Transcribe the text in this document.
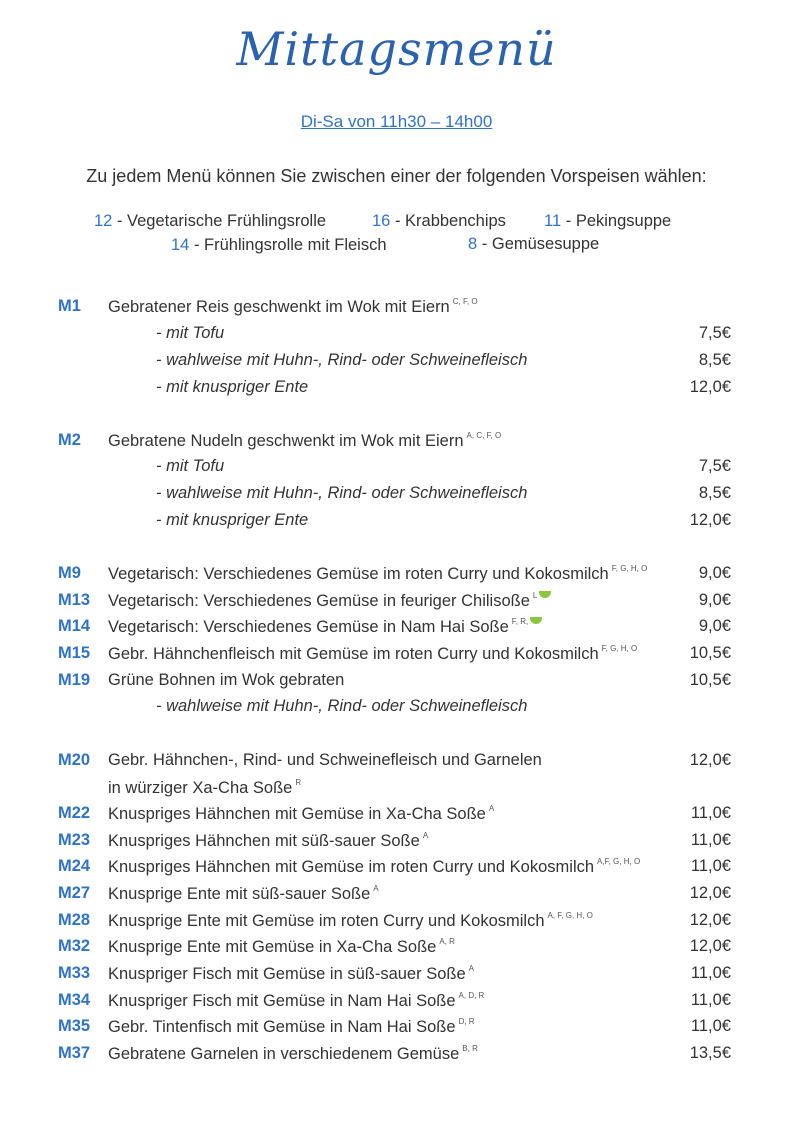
Mittagsmenü
Di-Sa von 11h30 – 14h00
Zu jedem Menü können Sie zwischen einer der folgenden Vorspeisen wählen:
12 - Vegetarische Frühlingsrolle	16 - Krabbenchips 11 - Pekingsuppe
14 - Frühlingsrolle mit Fleisch	8 - Gemüsesuppe
M1 Gebratener Reis geschwenkt im Wok mit Eiern $^{C, F, O}$
- mit Tofu	7,5€
- wahlweise mit Huhn-, Rind- oder Schweinefleisch	8,5€
- mit knuspriger Ente	12,0€
M2 Gebratene Nudeln geschwenkt im Wok mit Eiern $^{A, C, F, O}$
- mit Tofu	7,5€
- wahlweise mit Huhn-, Rind- oder Schweinefleisch	8,5€
- mit knuspriger Ente	12,0€
M9 Vegetarisch: Verschiedenes Gemüse im roten Curry und Kokosmilch $^{F, G, H, O}$	9,0€
M13 Vegetarisch: Verschiedenes Gemüse in feuriger Chilisoße $^L$	9,0€
M14 Vegetarisch: Verschiedenes Gemüse in Nam Hai Soße $^{F, R,}$	9,0€
M15 Gebr. Hähnchenfleisch mit Gemüse im roten Curry und Kokosmilch $^{F, G, H, O}$	10,5€
M19 Grüne Bohnen im Wok gebraten	10,5€
- wahlweise mit Huhn-, Rind- oder Schweinefleisch
M20 Gebr. Hähnchen-, Rind- und Schweinefleisch und Garnelen	12,0€
in würziger Xa-Cha Soße $^R$
M22 Knuspriges Hähnchen mit Gemüse in Xa-Cha Soße $^A$	11,0€
M23 Knuspriges Hähnchen mit süß-sauer Soße $^A$	11,0€
M24 Knuspriges Hähnchen mit Gemüse im roten Curry und Kokosmilch $^{A,F, G, H, O}$	11,0€
M27 Knusprige Ente mit süß-sauer Soße $^A$	12,0€
M28 Knusprige Ente mit Gemüse im roten Curry und Kokosmilch $^{A, F, G, H, O}$	12,0€
M32 Knusprige Ente mit Gemüse in Xa-Cha Soße $^{A, R}$	12,0€
M33 Knuspriger Fisch mit Gemüse in süß-sauer Soße $^A$	11,0€
M34 Knuspriger Fisch mit Gemüse in Nam Hai Soße $^{A, D, R}$	11,0€
M35 Gebr. Tintenfisch mit Gemüse in Nam Hai Soße $^{D, R}$	11,0€
M37 Gebratene Garnelen in verschiedenem Gemüse $^{B, R}$	13,5€
